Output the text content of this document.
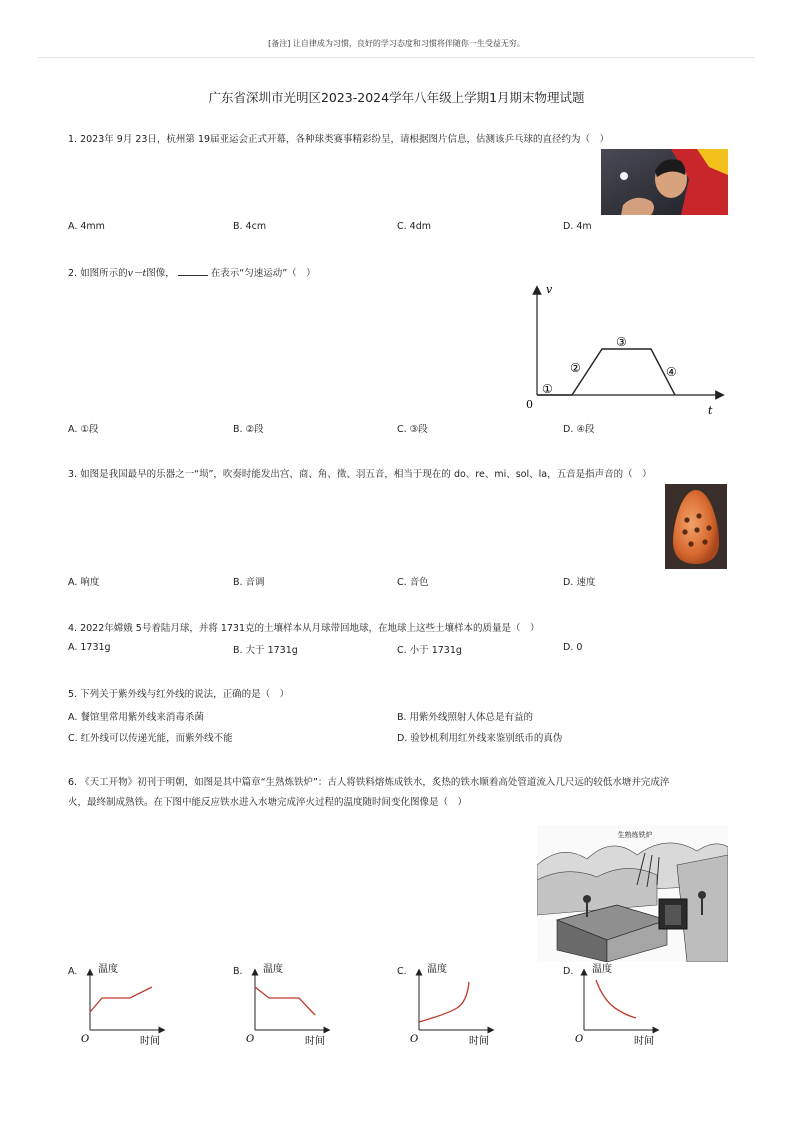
[备注] 让自律成为习惯，良好的学习态度和习惯将伴随你一生受益无穷。
广东省深圳市光明区2023-2024学年八年级上学期1月期末物理试题
1. 2023年 9月 23日，杭州第 19届亚运会正式开幕，各种球类赛事精彩纷呈，请根据图片信息，估测该乒乓球的直径约为（　）
A. 4mm	B. 4cm	C. 4dm	D. 4m
2. 如图所示的v－t图像，	在表示“匀速运动”（　）
v
t
0
①
②
③
④
A. ①段	B. ②段	C. ③段	D. ④段
3. 如图是我国最早的乐器之一“埙”，吹奏时能发出宫、商、角、徵、羽五音，相当于现在的 do、re、mi、sol、la，五音是指声音的（　）
A. 响度	B. 音调	C. 音色	D. 速度
4. 2022年嫦娥 5号着陆月球，并将 1731克的土壤样本从月球带回地球，在地球上这些土壤样本的质量是（　）
A. 1731g	B. 大于 1731g	C. 小于 1731g	D. 0
5. 下列关于紫外线与红外线的说法，正确的是（　）
A. 餐馆里常用紫外线来消毒杀菌	B. 用紫外线照射人体总是有益的
C. 红外线可以传递光能，而紫外线不能	D. 验钞机利用红外线来鉴别纸币的真伪
6. 《天工开物》初刊于明朝，如图是其中篇章“生熟炼铁炉”：古人将铁料熔炼成铁水，炙热的铁水顺着高处管道流入几尺远的较低水塘并完成淬
火，最终制成熟铁。在下图中能反应铁水进入水塘完成淬火过程的温度随时间变化图像是（　）
生熟炼铁炉
A.	B.	C.	D.
温度
时间
O
温度
时间
O
温度
时间
O
温度
时间
O
